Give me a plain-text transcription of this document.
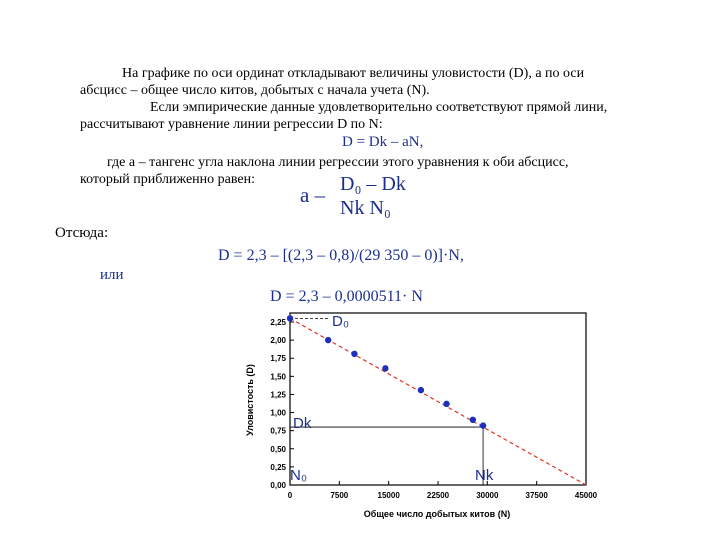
На графике по оси ординат откладывают величины уловистости (D), а по оси
абсцисс – общее число китов, добытых с начала учета (N).
Если эмпирические данные удовлетворительно соответствуют прямой лини,
рассчитывают уравнение линии регрессии D по N:
D = Dk – aN,
где a – тангенс угла наклона линии регрессии этого уравнения к оби абсцисс,
который приближенно равен:
a – D₀ – Dk
Nk N₀
Отсюда:
D = 2,3 – [(2,3 – 0,8)/(29 350 – 0)]·N,
или
D = 2,3 – 0,0000511· N
2,25
2,00
1,75
1,50
1,25
1,00
0,75
0,50
0,25
0,00
0	7500	15000	22500	30000	37500	45000
D₀
Dk
N₀	Nk
Уловистость (D)
Общее число добытых китов (N)
